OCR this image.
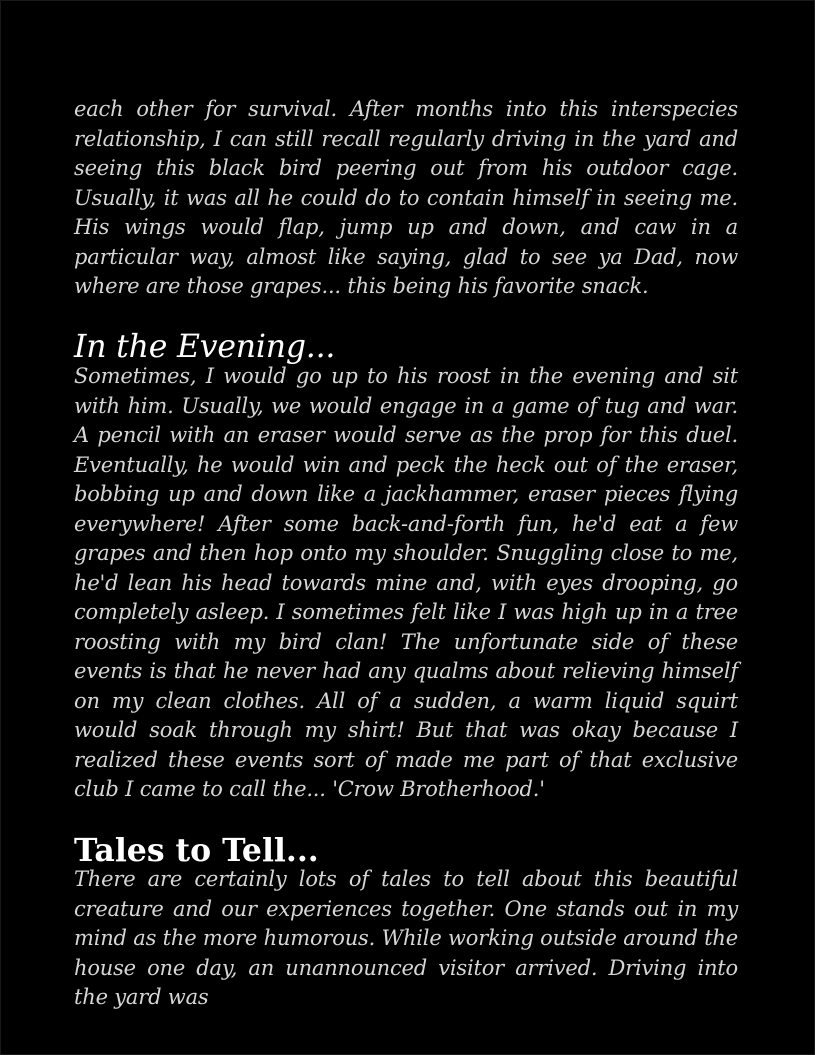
each other for survival. After months into this interspecies relationship, I can still recall regularly driving in the yard and seeing this black bird peering out from his outdoor cage. Usually, it was all he could do to contain himself in seeing me. His wings would flap, jump up and down, and caw in a particular way, almost like saying, glad to see ya Dad, now where are those grapes... this being his favorite snack.

In the Evening...

Sometimes, I would go up to his roost in the evening and sit with him. Usually, we would engage in a game of tug and war. A pencil with an eraser would serve as the prop for this duel. Eventually, he would win and peck the heck out of the eraser, bobbing up and down like a jackhammer, eraser pieces flying everywhere! After some back-and-forth fun, he'd eat a few grapes and then hop onto my shoulder. Snuggling close to me, he'd lean his head towards mine and, with eyes drooping, go completely asleep. I sometimes felt like I was high up in a tree roosting with my bird clan! The unfortunate side of these events is that he never had any qualms about relieving himself on my clean clothes. All of a sudden, a warm liquid squirt would soak through my shirt! But that was okay because I realized these events sort of made me part of that exclusive club I came to call the... 'Crow Brotherhood.'

Tales to Tell...

There are certainly lots of tales to tell about this beautiful creature and our experiences together. One stands out in my mind as the more humorous. While working outside around the house one day, an unannounced visitor arrived. Driving into the yard was
